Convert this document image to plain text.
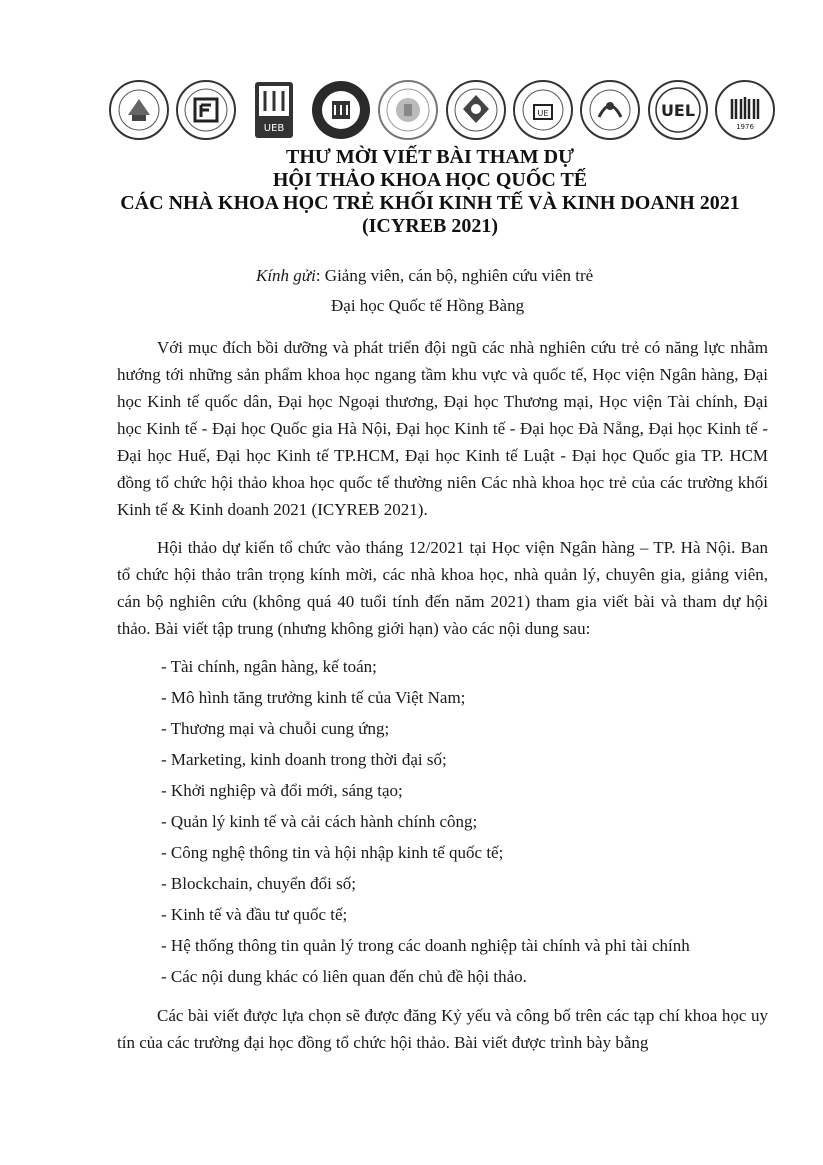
UEB
UE	UEL
1976
THƯ MỜI VIẾT BÀI THAM DỰ
HỘI THẢO KHOA HỌC QUỐC TẾ
CÁC NHÀ KHOA HỌC TRẺ KHỐI KINH TẾ VÀ KINH DOANH 2021
(ICYREB 2021)
Kính gửi: Giảng viên, cán bộ, nghiên cứu viên trẻ
Đại học Quốc tế Hồng Bàng

Với mục đích bồi dưỡng và phát triển đội ngũ các nhà nghiên cứu trẻ có năng lực nhằm hướng tới những sản phẩm khoa học ngang tầm khu vực và quốc tế, Học viện Ngân hàng, Đại học Kinh tế quốc dân, Đại học Ngoại thương, Đại học Thương mại, Học viện Tài chính, Đại học Kinh tế - Đại học Quốc gia Hà Nội, Đại học Kinh tế - Đại học Đà Nẵng, Đại học Kinh tế - Đại học Huế, Đại học Kinh tế TP.HCM, Đại học Kinh tế Luật - Đại học Quốc gia TP. HCM đồng tổ chức hội thảo khoa học quốc tế thường niên Các nhà khoa học trẻ của các trường khối Kinh tế & Kinh doanh 2021 (ICYREB 2021).

Hội thảo dự kiến tổ chức vào tháng 12/2021 tại Học viện Ngân hàng – TP. Hà Nội. Ban tổ chức hội thảo trân trọng kính mời, các nhà khoa học, nhà quản lý, chuyên gia, giảng viên, cán bộ nghiên cứu (không quá 40 tuổi tính đến năm 2021) tham gia viết bài và tham dự hội thảo. Bài viết tập trung (nhưng không giới hạn) vào các nội dung sau:

- Tài chính, ngân hàng, kế toán;
- Mô hình tăng trưởng kinh tế của Việt Nam;
- Thương mại và chuỗi cung ứng;
- Marketing, kinh doanh trong thời đại số;
- Khởi nghiệp và đổi mới, sáng tạo;
- Quản lý kinh tế và cải cách hành chính công;
- Công nghệ thông tin và hội nhập kinh tế quốc tế;
- Blockchain, chuyển đổi số;
- Kinh tế và đầu tư quốc tế;
- Hệ thống thông tin quản lý trong các doanh nghiệp tài chính và phi tài chính
- Các nội dung khác có liên quan đến chủ đề hội thảo.

Các bài viết được lựa chọn sẽ được đăng Kỷ yếu và công bố trên các tạp chí khoa học uy tín của các trường đại học đồng tổ chức hội thảo. Bài viết được trình bày bằng
